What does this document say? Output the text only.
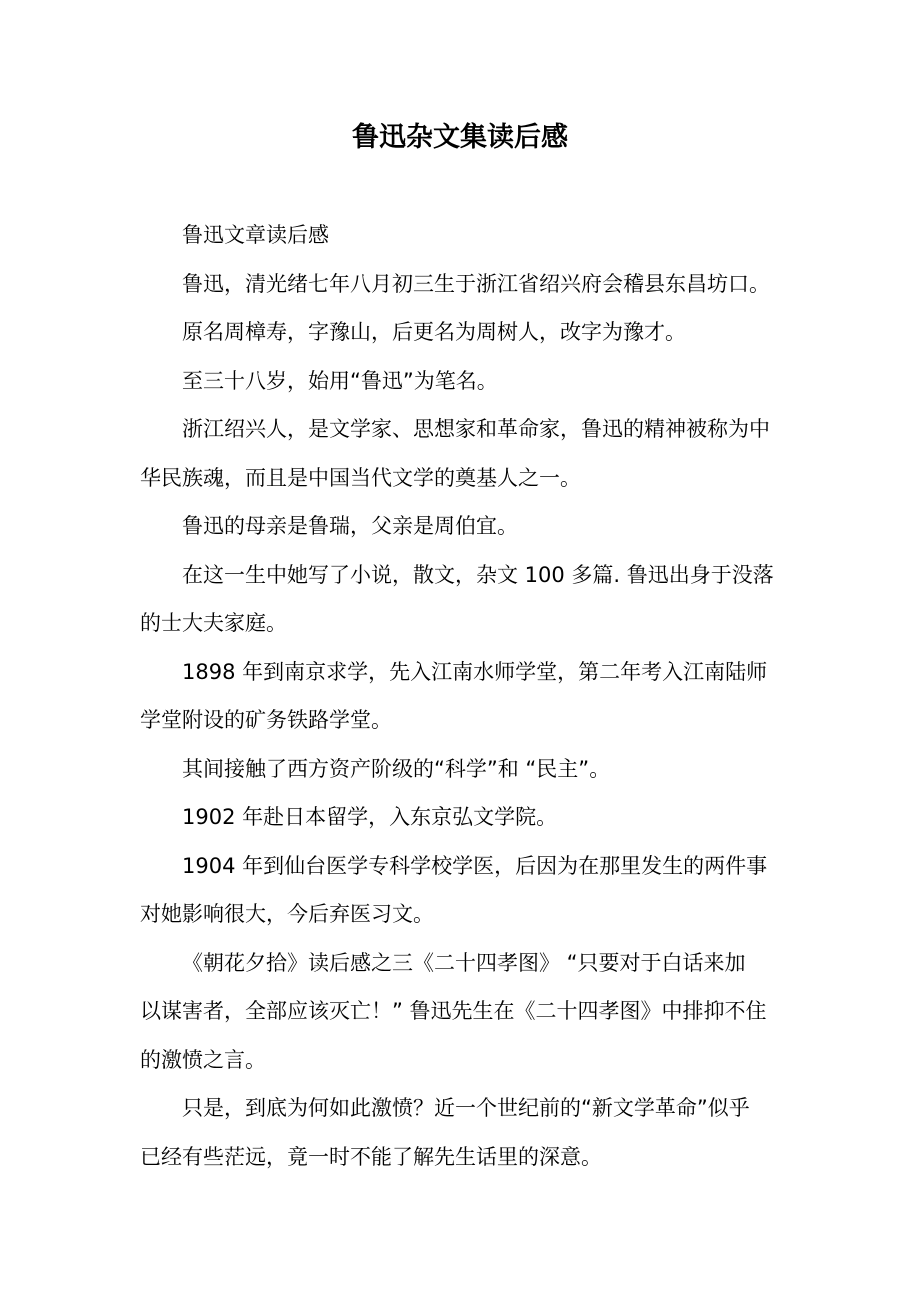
鲁迅杂文集读后感

鲁迅文章读后感

鲁迅，清光绪七年八月初三生于浙江省绍兴府会稽县东昌坊口。

原名周樟寿，字豫山，后更名为周树人，改字为豫才。

至三十八岁，始用“鲁迅”为笔名。

浙江绍兴人，是文学家、思想家和革命家，鲁迅的精神被称为中
华民族魂，而且是中国当代文学的奠基人之一。

鲁迅的母亲是鲁瑞，父亲是周伯宜。

在这一生中她写了小说，散文，杂文 100 多篇. 鲁迅出身于没落
的士大夫家庭。

1898 年到南京求学，先入江南水师学堂，第二年考入江南陆师
学堂附设的矿务铁路学堂。

其间接触了西方资产阶级的“科学”和 “民主”。

1902 年赴日本留学，入东京弘文学院。

1904 年到仙台医学专科学校学医，后因为在那里发生的两件事
对她影响很大，今后弃医习文。

《朝花夕拾》读后感之三《二十四孝图》 “只要对于白话来加
以谋害者，全部应该灭亡！” 鲁迅先生在《二十四孝图》中排抑不住
的激愤之言。

只是，到底为何如此激愤？近一个世纪前的“新文学革命”似乎
已经有些茫远，竟一时不能了解先生话里的深意。
